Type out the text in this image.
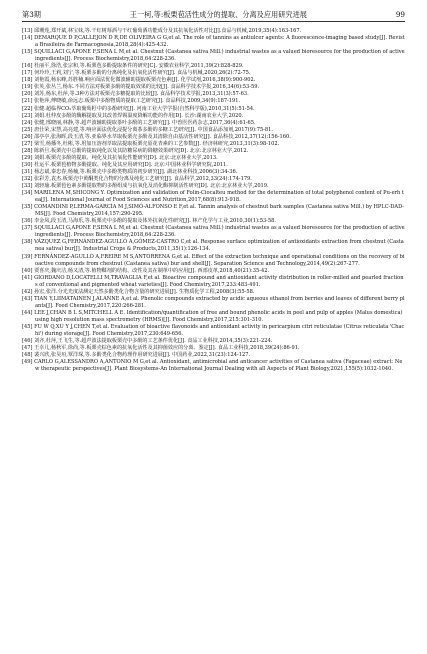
第3期	王一柯,等:板栗苞活性成分的提取、分离及应用研究进展	99
[13] 邱珊莲,郑开斌,林宝妹,等.干红树莓酒与干红葡萄酒功能成分及其抗氧化活性对比[J].食品与机械,2019,35(4):163-167.
[14] DEMARQUE D P,CALLEJON D R,DE OLIVEIRA G G,et al. The role of tannins as antiulcer agents: A fluorescence-imaging based study[J]. Revista Brasileira de Farmacognosia,2018,28(4):425-432.
[15] SQUILLACI G,APONE F,SENA L M,et al. Chestnut (Castanea sativa Mill.) industrial wastes as a valued bioresource for the production of active ingredients[J]. Process Biochemistry,2018,64:228-236.
[16] 杜丽平,徐浩,张宗和,等.板栗苞多酚提取条件的研究[C]. 安徽农业科学,2011,39(2):828-829.
[17] 何玲玲,王莉,刘宁,等.板栗多酚的分离纯化及抗氧化活性研究[J]. 食品与机械,2020,26(2):72-75.
[18] 刘艳霞,杨东峰,苏胜楠.响应面法优化微波辅助提取板栗壳色素[J]. 化学试剂,2016,38(9):900-902.
[19] 张英,张丛兰,杨东.不同方法对板栗多酚的提取效果的比较[J]. 食品科学技术学报,2016,34(6):53-59.
[20] 刘苏,杨东,杜萍,等.3种方法对板栗壳多糖提取的比较[J]. 食品科学技术学报,2013,31(3):57-63.
[21] 张艳萍,傅晓敏,俞远志.板栗中多酚物质的提取工艺研究[J]. 食品科技,2009,34(9):187-191.
[22] 张健.超临界CO₂萃取葡萄籽中的多酚研究[J]. 河南工业大学学报(自然科学版),2010,31(5):51-54.
[23] 刘娟.杜仲皮多酚的酶解提取及其改善焊锡温度降解功能的作用[D]. 长沙:湖南农业大学,2020.
[24] 张健,邢晓丽,林静,等.超声波辅助提取茶叶多酚的工艺研究[J]. 中兽医医药杂志,2017,36(4):61-65.
[25] 唐仕荣,宋慧,高亮建,等.响应面法优化浸提分离茶多酚的多糖工艺研究[J]. 中国食品添加剂,2017(9):75-81.
[26] 邵亭亭,张海晖,段玉清,等.亚临界水萃取板栗壳多酚及其清除自由基活性研究[J]. 食品科技,2012,37(12):156-160.
[27] 梁雪,杨播冬,杜彬,等.用加压溶剂萃取法提取板栗壳原花青素的工艺参数[J]. 经济林研究,2013,31(3):98-102.
[28] 陈新旦.板栗壳中总酚的提取纯化以及其防糖尿病的降糖效果研究[D]. 北京:北京林业大学,2012.
[29] 刘娟.板栗壳多酚的提取、纯化及其抗氧化性能研究[D]. 北京:北京林业大学,2013.
[30] 杜运平.板栗苞植物多酚提取、纯化及其应用研究[D]. 北京:中国林业科学研究院,2011.
[31] 杨志斌,秦忠春,杨楠,等.板栗壳中多酚类物质的初步研究[J]. 湖北林业科技,2006(3):34-36.
[32] 张彩芳,袁杰.板栗壳中黄酮类化合物的分离及纯化工艺研究[J]. 食品科学,2012,33(24):174-179.
[33] 刘轻瑜.板栗苞色素多酚提取物的多酚组成与抗氧化及消化酶抑制活性研究[D]. 北京:北京林业大学,2019.
[34] MARILENA M,SHICONG Y. Optimization and validation of Folin-Ciocalteu method for the determination of total polyphenol content of Pu-erh tea[J]. International Journal of Food Sciences and Nutrition,2017,68(8):913-918.
[35] COMANDINI P,LERMA-GARCÍA M J,SIMÓ-ALFONSO E F,et al. Tannin analysis of chestnut bark samples (Castanea sativa Mill.) by HPLC-DAD-MS[J]. Food Chemistry,2014,157:290-295.
[36] 李金凤,段玉清,马海乐,等.板栗壳中多酚的提取及体外抗氧化性研究[J]. 林产化学与工业,2010,30(1):53-58.
[37] SQUILLACI G,APONE F,SENA L M,et al. Chestnut (Castanea sativa Mill.) industrial wastes as a valued bioresource for the production of active ingredients[J]. Process Biochemistry,2018,64:228-236.
[38] VÁZQUEZ G,FERNÁNDEZ-AGULLÓ A,GÓMEZ-CASTRO C,et al. Response surface optimization of antioxidants extraction from chestnut (Castanea sativa) bur[J]. Industrial Crops & Products,2011,35(1):126-134.
[39] FERNÁNDEZ-AGULLÓ A,FREIRE M S,ANTORRENA G,et al. Effect of the extraction technique and operational conditions on the recovery of bioactive compounds from chestnut (Castanea sativa) bur and shell[J]. Separation Science and Technology,2014,49(2):267-277.
[40] 贾喜庆,魏庆洁,杨又清,等.植物鞣剂的结构、改性及其在制革中的应用[J]. 西部皮革,2018,40(21):35-42.
[41] GIORDANO D,LOCATELLI M,TRAVAGLIA F,et al. Bioactive compound and antioxidant activity distribution in roller-milled and pearled fractions of conventional and pigmented wheat varieties[J]. Food Chemistry,2017,233:483-491.
[42] 孙宏,张洋.分光光度法测定天然多酚类化合物含量的研究进展[J]. 生物质化学工程,2008(3):55-58.
[43] TIAN Y,LIIMATAINEN J,ALANNE A,et al. Phenolic compounds extracted by acidic aqueous ethanol from berries and leaves of different berry plants[J]. Food Chemistry,2017,220:266-281.
[44] LEE J,CHAN B L S,MITCHELL A E. Identification/quantification of free and bound phenolic acids in peel and pulp of apples (Malus domestica) using high resolution mass spectrometry (HRMS)[J]. Food Chemistry,2017,215:301-310.
[45] FU W Q,XU Y J,CHEN T,et al. Evaluation of bioactive flavonoids and antioxidant activity in pericarpium citri reticulatae (Citrus reticulata 'Chachi') during storage[J]. Food Chemistry,2017,230:649-656.
[46] 刘齐,杜萍,王飞生,等.超声波法提取板栗壳中多酚的工艺条件优化[J]. 食品工业科技,2014,35(3):221-224.
[47] 王幸儿,杨秋军,徐尚,等.板栗壳棕色素的抗氧化活性及其抑菌效应的分离、鉴定[J]. 食品工业科技,2018,39(24):86-91.
[48] 裴兴欣,张昊垣,覃洋琛,等.多酚类化合物药理作用研究进展[J]. 中国药业,2022,31(23):124-127.
[49] CARLO G,ALESSANDRO A,ANTONIO M G,et al. Antioxidant, antimicrobial and anticancer activities of Castanea sativa (Fagaceae) extract: New therapeutic perspectives[J]. Plant Biosystems-An International Journal Dealing with all Aspects of Plant Biology,2021,155(5):1032-1040.
